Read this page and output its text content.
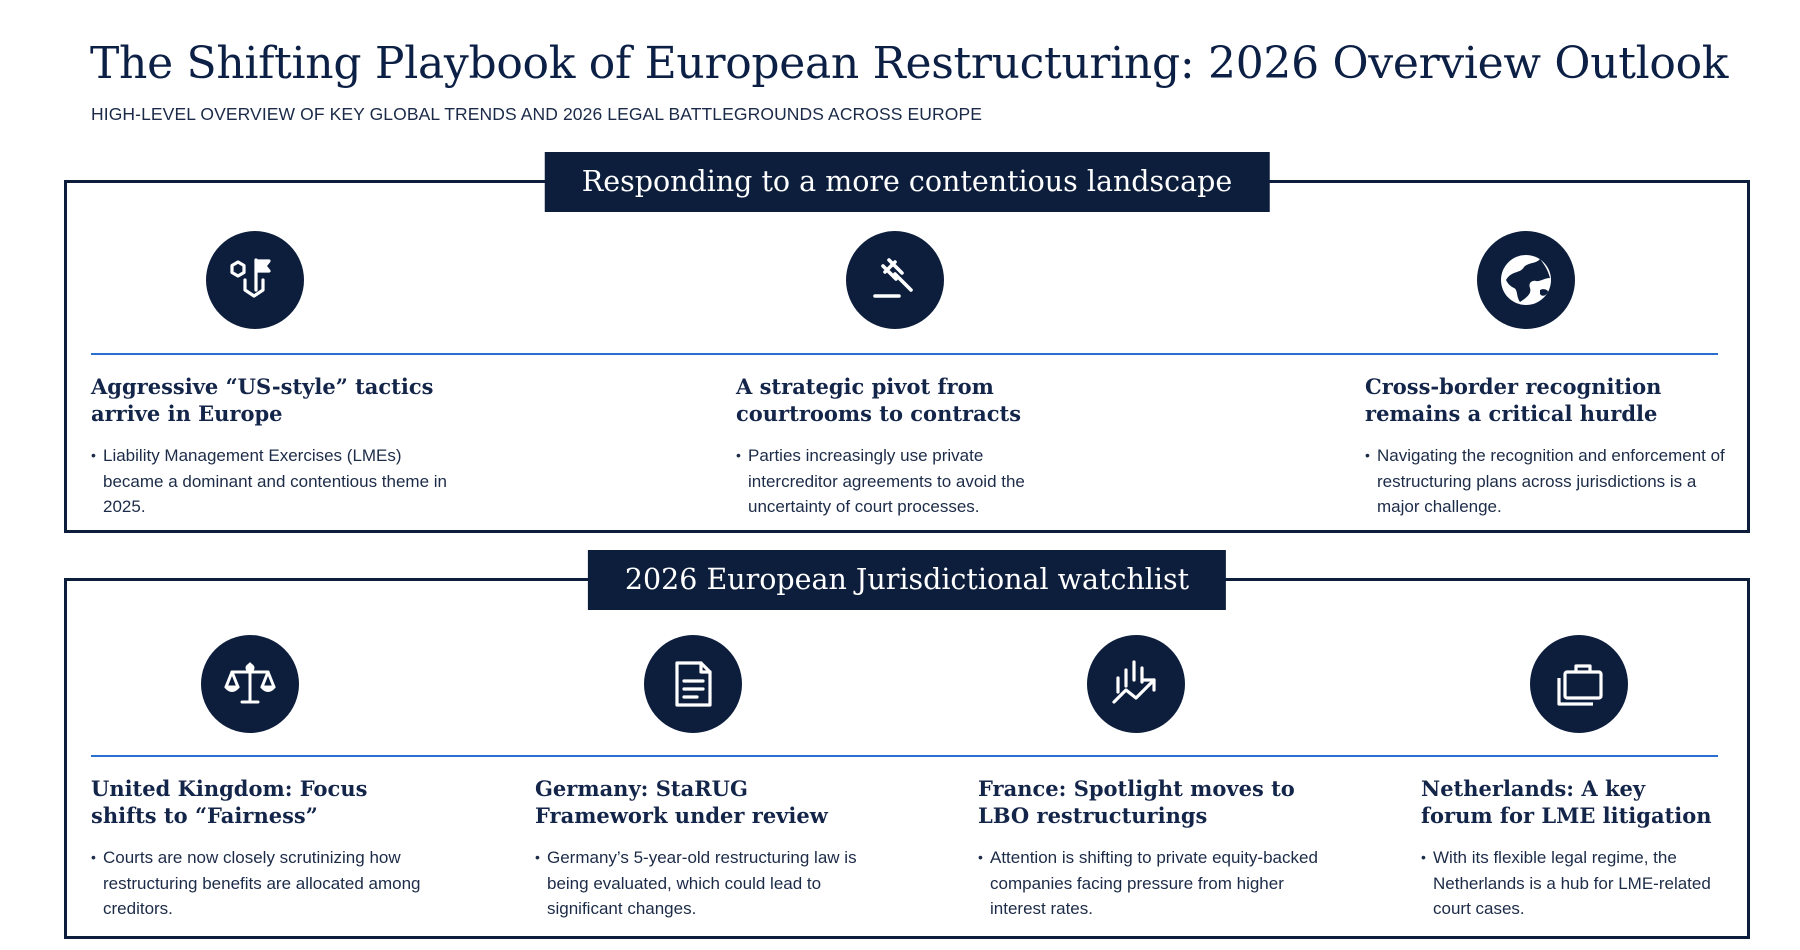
The Shifting Playbook of European Restructuring: 2026 Overview Outlook

HIGH-LEVEL OVERVIEW OF KEY GLOBAL TRENDS AND 2026 LEGAL BATTLEGROUNDS ACROSS EUROPE

Responding to a more contentious landscape
Aggressive “US-style” tactics arrive in Europe

• Liability Management Exercises (LMEs) became a dominant and contentious theme in 2025.

A strategic pivot from courtrooms to contracts

• Parties increasingly use private intercreditor agreements to avoid the uncertainty of court processes.

Cross-border recognition remains a critical hurdle

• Navigating the recognition and enforcement of restructuring plans across jurisdictions is a major challenge.

2026 European Jurisdictional watchlist
United Kingdom: Focus shifts to “Fairness”

• Courts are now closely scrutinizing how restructuring benefits are allocated among creditors.

Germany: StaRUG Framework under review

• Germany’s 5-year-old restructuring law is being evaluated, which could lead to significant changes.

France: Spotlight moves to LBO restructurings

• Attention is shifting to private equity-backed companies facing pressure from higher interest rates.

Netherlands: A key forum for LME litigation

• With its flexible legal regime, the Netherlands is a hub for LME-related court cases.
